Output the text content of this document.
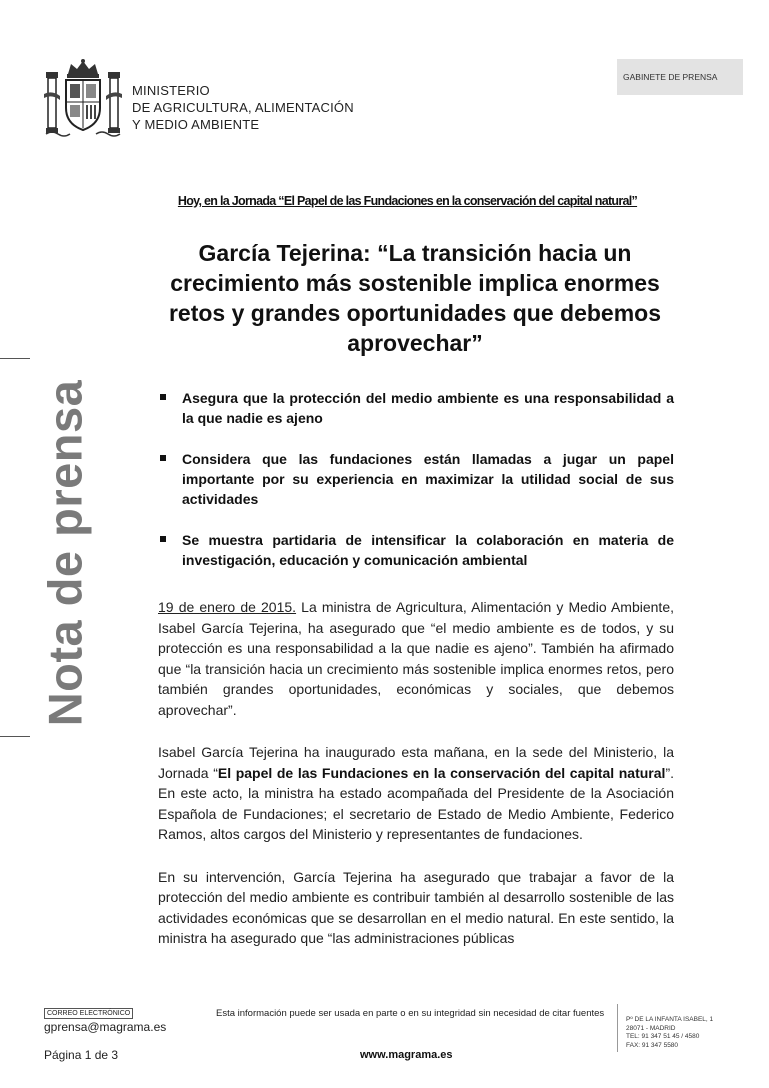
MINISTERIO
DE AGRICULTURA, ALIMENTACIÓN
Y MEDIO AMBIENTE
GABINETE DE PRENSA
Nota de prensa
Hoy, en la Jornada “El Papel de las Fundaciones en la conservación del capital natural”
García Tejerina: “La transición hacia un crecimiento más sostenible implica enormes retos y grandes oportunidades que debemos aprovechar”
Asegura que la protección del medio ambiente es una responsabilidad a la que nadie es ajeno
Considera que las fundaciones están llamadas a jugar un papel importante por su experiencia en maximizar la utilidad social de sus actividades
Se muestra partidaria de intensificar la colaboración en materia de investigación, educación y comunicación ambiental

19 de enero de 2015. La ministra de Agricultura, Alimentación y Medio Ambiente, Isabel García Tejerina, ha asegurado que “el medio ambiente es de todos, y su protección es una responsabilidad a la que nadie es ajeno”. También ha afirmado que “la transición hacia un crecimiento más sostenible implica enormes retos, pero también grandes oportunidades, económicas y sociales, que debemos aprovechar”.

Isabel García Tejerina ha inaugurado esta mañana, en la sede del Ministerio, la Jornada “El papel de las Fundaciones en la conservación del capital natural”. En este acto, la ministra ha estado acompañada del Presidente de la Asociación Española de Fundaciones; el secretario de Estado de Medio Ambiente, Federico Ramos, altos cargos del Ministerio y representantes de fundaciones.

En su intervención, García Tejerina ha asegurado que trabajar a favor de la protección del medio ambiente es contribuir también al desarrollo sostenible de las actividades económicas que se desarrollan en el medio natural. En este sentido, la ministra ha asegurado que “las administraciones públicas

CORREO ELECTRÓNICO
gprensa@magrama.es
Esta información puede ser usada en parte o en su integridad sin necesidad de citar fuentes
Pº DE LA INFANTA ISABEL, 1
28071 - MADRID
TEL: 91 347 51 45 / 4580
FAX: 91 347 5580
Página 1 de 3	www.magrama.es
